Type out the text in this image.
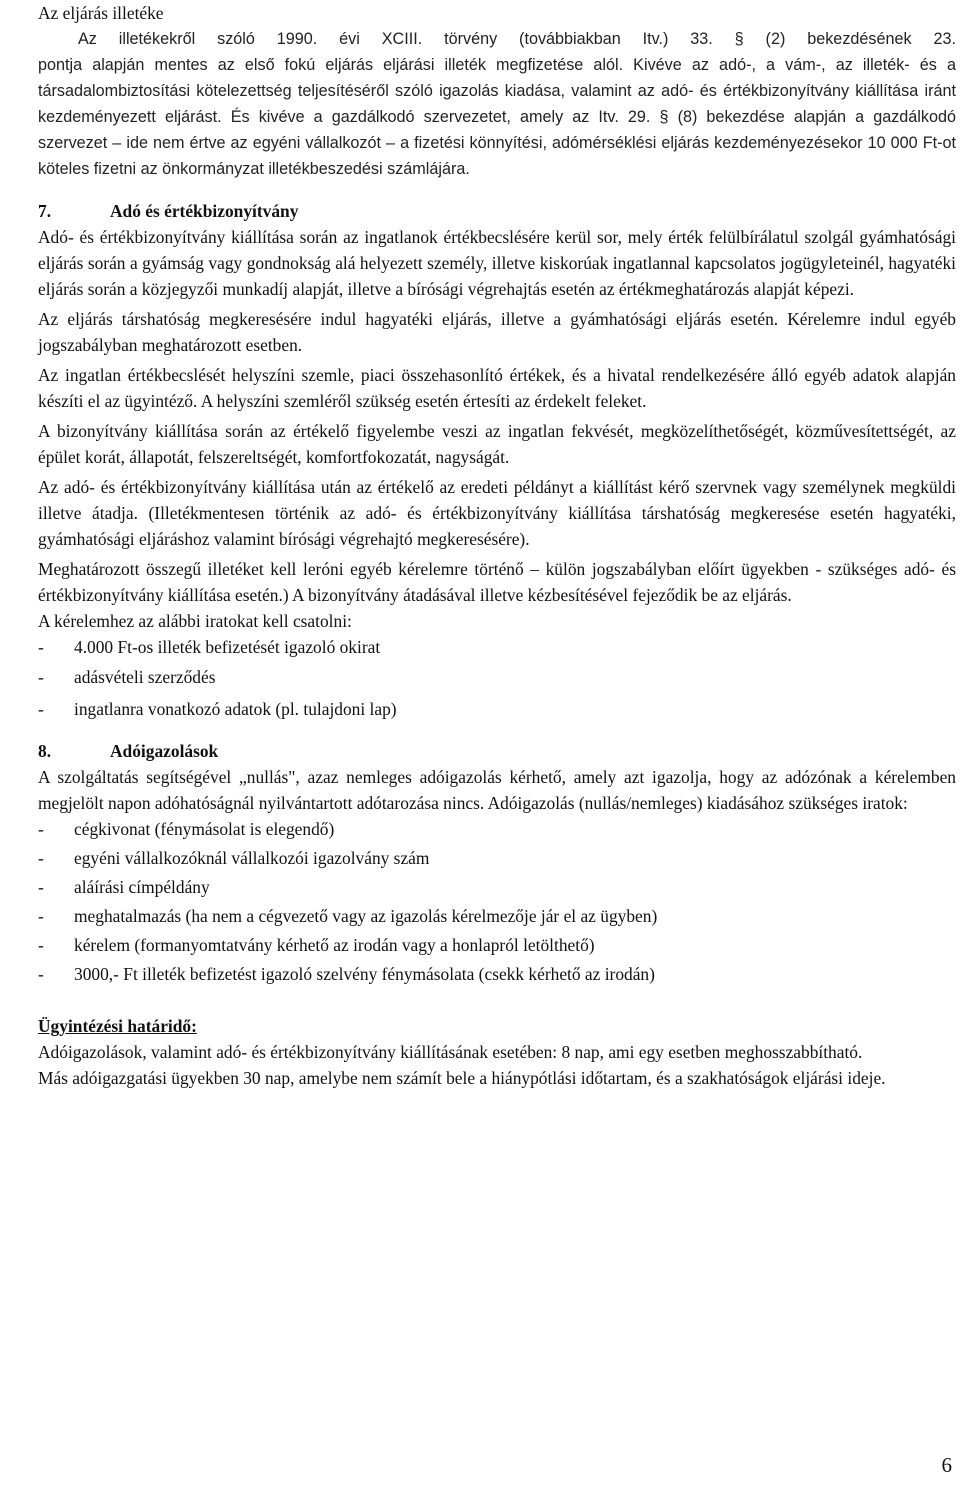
Az eljárás illetéke

Az illetékekről szóló 1990. évi XCIII. törvény (továbbiakban Itv.) 33. § (2) bekezdésének 23.

pontja alapján mentes az első fokú eljárás eljárási illeték megfizetése alól. Kivéve az adó-, a vám-, az illeték- és a társadalombiztosítási kötelezettség teljesítéséről szóló igazolás kiadása, valamint az adó- és értékbizonyítvány kiállítása iránt kezdeményezett eljárást. És kivéve a gazdálkodó szervezetet, amely az Itv. 29. § (8) bekezdése alapján a gazdálkodó szervezet – ide nem értve az egyéni vállalkozót – a fizetési könnyítési, adómérséklési eljárás kezdeményezésekor 10 000 Ft-ot köteles fizetni az önkormányzat illetékbeszedési számlájára.

7.	Adó és értékbizonyítvány

Adó- és értékbizonyítvány kiállítása során az ingatlanok értékbecslésére kerül sor, mely érték felülbírálatul szolgál gyámhatósági eljárás során a gyámság vagy gondnokság alá helyezett személy, illetve kiskorúak ingatlannal kapcsolatos jogügyleteinél, hagyatéki eljárás során a közjegyzői munkadíj alapját, illetve a bírósági végrehajtás esetén az értékmeghatározás alapját képezi.

Az eljárás társhatóság megkeresésére indul hagyatéki eljárás, illetve a gyámhatósági eljárás esetén. Kérelemre indul egyéb jogszabályban meghatározott esetben.

Az ingatlan értékbecslését helyszíni szemle, piaci összehasonlító értékek, és a hivatal rendelkezésére álló egyéb adatok alapján készíti el az ügyintéző. A helyszíni szemléről szükség esetén értesíti az érdekelt feleket.

A bizonyítvány kiállítása során az értékelő figyelembe veszi az ingatlan fekvését, megközelíthetőségét, közművesítettségét, az épület korát, állapotát, felszereltségét, komfortfokozatát, nagyságát.

Az adó- és értékbizonyítvány kiállítása után az értékelő az eredeti példányt a kiállítást kérő szervnek vagy személynek megküldi illetve átadja. (Illetékmentesen történik az adó- és értékbizonyítvány kiállítása társhatóság megkeresése esetén hagyatéki, gyámhatósági eljáráshoz valamint bírósági végrehajtó megkeresésére).

Meghatározott összegű illetéket kell leróni egyéb kérelemre történő – külön jogszabályban előírt ügyekben - szükséges adó- és értékbizonyítvány kiállítása esetén.) A bizonyítvány átadásával illetve kézbesítésével fejeződik be az eljárás.

A kérelemhez az alábbi iratokat kell csatolni:

-	4.000 Ft-os illeték befizetését igazoló okirat
-	adásvételi szerződés
-	ingatlanra vonatkozó adatok (pl. tulajdoni lap)
8.	Adóigazolások

A szolgáltatás segítségével „nullás", azaz nemleges adóigazolás kérhető, amely azt igazolja, hogy az adózónak a kérelemben megjelölt napon adóhatóságnál nyilvántartott adótarozása nincs. Adóigazolás (nullás/nemleges) kiadásához szükséges iratok:

-	cégkivonat (fénymásolat is elegendő)
-	egyéni vállalkozóknál vállalkozói igazolvány szám
-	aláírási címpéldány
-	meghatalmazás (ha nem a cégvezető vagy az igazolás kérelmezője jár el az ügyben)
-	kérelem (formanyomtatvány kérhető az irodán vagy a honlapról letölthető)
-	3000,- Ft illeték befizetést igazoló szelvény fénymásolata (csekk kérhető az irodán)

Ügyintézési határidő:

Adóigazolások, valamint adó- és értékbizonyítvány kiállításának esetében: 8 nap, ami egy esetben meghosszabbítható.

Más adóigazgatási ügyekben 30 nap, amelybe nem számít bele a hiánypótlási időtartam, és a szakhatóságok eljárási ideje.

6
